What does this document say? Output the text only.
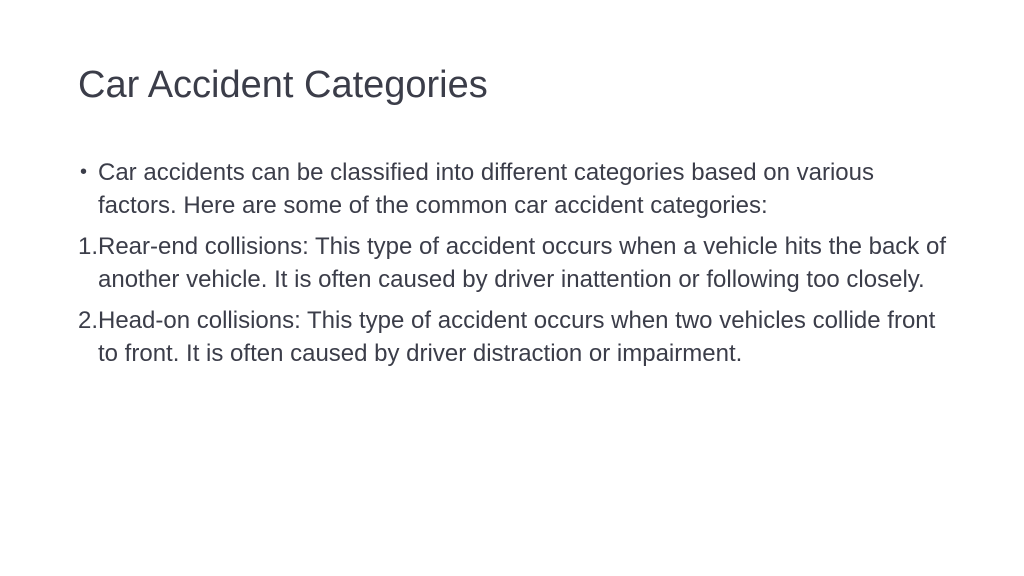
Car Accident Categories
• Car accidents can be classified into different categories based on various factors. Here are some of the common car accident categories:
1. Rear-end collisions: This type of accident occurs when a vehicle hits the back of another vehicle. It is often caused by driver inattention or following too closely.
2. Head-on collisions: This type of accident occurs when two vehicles collide front to front. It is often caused by driver distraction or impairment.
